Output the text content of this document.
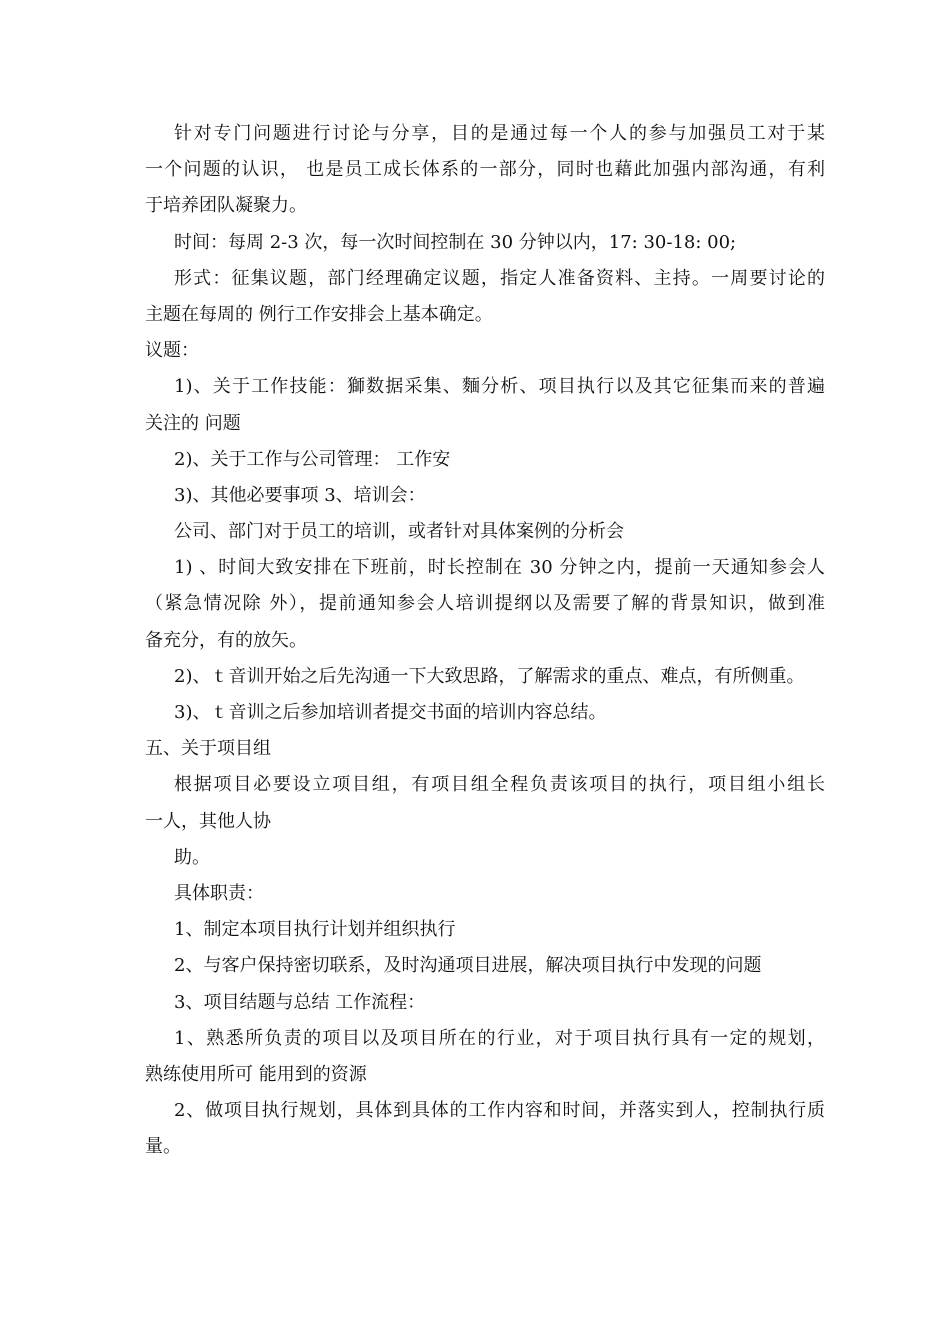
针对专门问题进行讨论与分享，目的是通过每一个人的参与加强员工对于某
一个问题的认识， 也是员工成长体系的一部分，同时也藉此加强内部沟通，有利
于培养团队凝聚力。
时间：每周 2-3 次，每一次时间控制在 30 分钟以内，17: 30-18: 00;
形式：征集议题，部门经理确定议题，指定人准备资料、主持。一周要讨论的
主题在每周的 例行工作安排会上基本确定。
议题：
1)、关于工作技能：獅数据采集、麵分析、项目执行以及其它征集而来的普遍
关注的 问题
2)、关于工作与公司管理： 工作安
3)、其他必要事项 3、培训会：
公司、部门对于员工的培训，或者针对具体案例的分析会
1) 、时间大致安排在下班前，时长控制在 30 分钟之内，提前一天通知参会人
（紧急情况除 外），提前通知参会人培训提纲以及需要了解的背景知识，做到准
备充分，有的放矢。
2)、ｔ音训开始之后先沟通一下大致思路，了解需求的重点、难点，有所侧重。
3)、ｔ音训之后参加培训者提交书面的培训内容总结。
五、关于项目组
根据项目必要设立项目组，有项目组全程负责该项目的执行，项目组小组长
一人，其他人协
助。
具体职责：
1、制定本项目执行计划并组织执行
2、与客户保持密切联系，及时沟通项目进展，解决项目执行中发现的问题
3、项目结题与总结 工作流程：
1、熟悉所负责的项目以及项目所在的行业，对于项目执行具有一定的规划，
熟练使用所可 能用到的资源
2、做项目执行规划，具体到具体的工作内容和时间，并落实到人，控制执行质
量。
